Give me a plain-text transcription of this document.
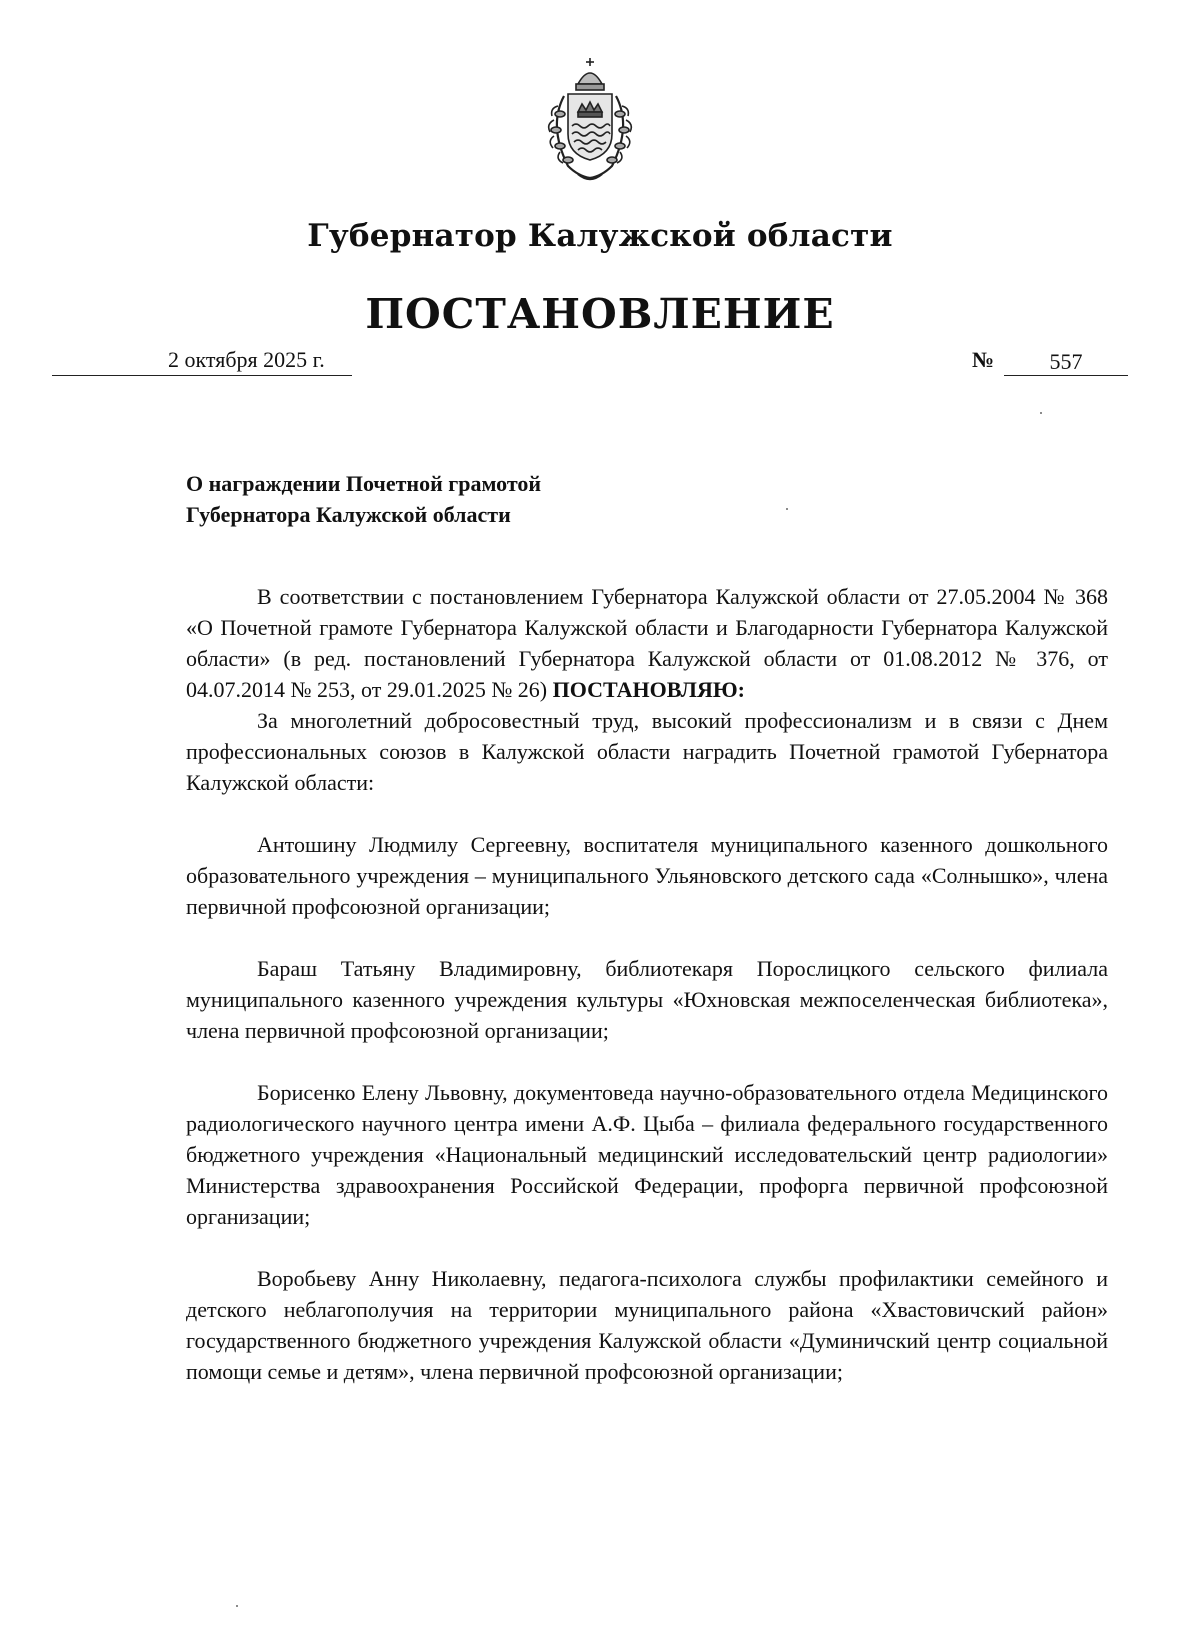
Губернатор Калужской области
ПОСТАНОВЛЕНИЕ
2 октября 2025 г.	№	557
О награждении Почетной грамотой
Губернатора Калужской области

В соответствии с постановлением Губернатора Калужской области от 27.05.2004 № 368 «О Почетной грамоте Губернатора Калужской области и Благодарности Губернатора Калужской области» (в ред. постановлений Губернатора Калужской области от 01.08.2012 № 376, от 04.07.2014 № 253, от 29.01.2025 № 26) ПОСТАНОВЛЯЮ:

За многолетний добросовестный труд, высокий профессионализм и в связи с Днем профессиональных союзов в Калужской области наградить Почетной грамотой Губернатора Калужской области:

Антошину Людмилу Сергеевну, воспитателя муниципального казенного дошкольного образовательного учреждения – муниципального Ульяновского детского сада «Солнышко», члена первичной профсоюзной организации;

Бараш Татьяну Владимировну, библиотекаря Порослицкого сельского филиала муниципального казенного учреждения культуры «Юхновская межпоселенческая библиотека», члена первичной профсоюзной организации;

Борисенко Елену Львовну, документоведа научно-образовательного отдела Медицинского радиологического научного центра имени А.Ф. Цыба – филиала федерального государственного бюджетного учреждения «Национальный медицинский исследовательский центр радиологии» Министерства здравоохранения Российской Федерации, профорга первичной профсоюзной организации;

Воробьеву Анну Николаевну, педагога-психолога службы профилактики семейного и детского неблагополучия на территории муниципального района «Хвастовичский район» государственного бюджетного учреждения Калужской области «Думиничский центр социальной помощи семье и детям», члена первичной профсоюзной организации;
